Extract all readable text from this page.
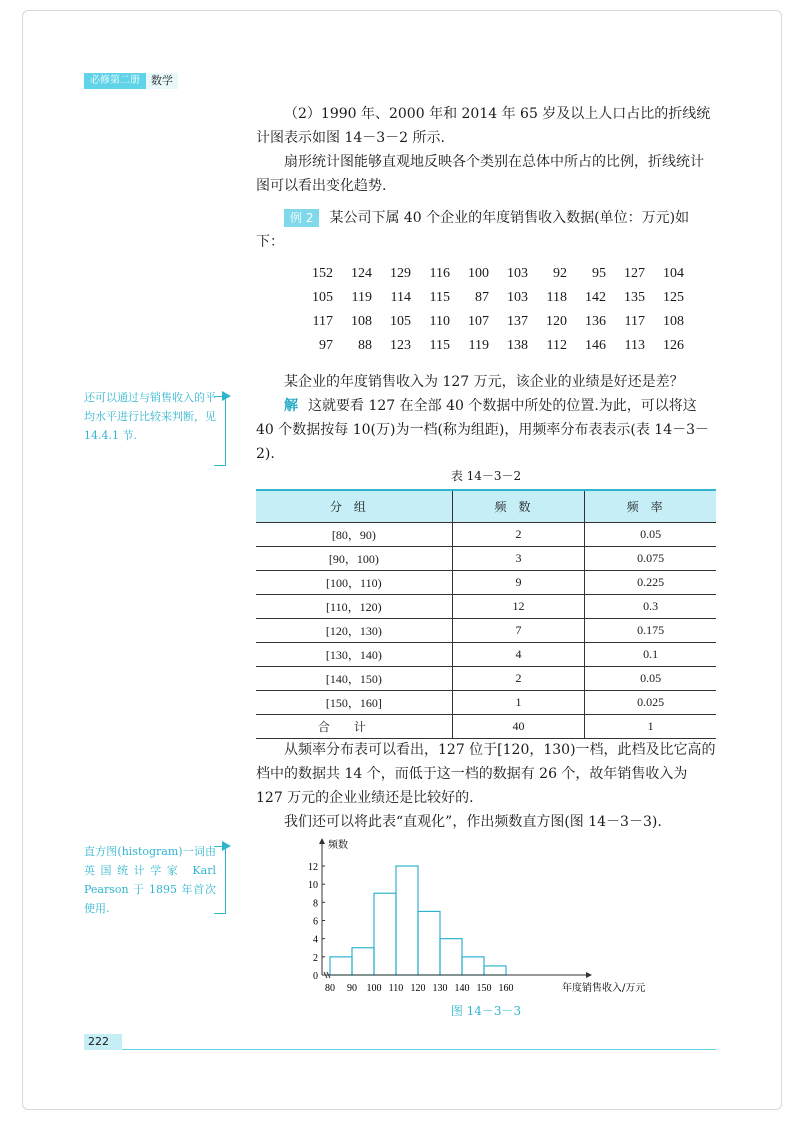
必修第二册	数学

（2）1990 年、2000 年和 2014 年 65 岁及以上人口占比的折线统计图表示如图 14－3－2 所示.

扇形统计图能够直观地反映各个类别在总体中所占的比例，折线统计图可以看出变化趋势.

例 2 某公司下属 40 个企业的年度销售收入数据(单位：万元)如下：

152	124	129	116	100	103	92	95	127	104
105	119	114	115	87	103	118	142	135	125
117	108	105	110	107	137	120	136	117	108
97	88	123	115	119	138	112	146	113	126

某企业的年度销售收入为 127 万元，该企业的业绩是好还是差？

解 这就要看 127 在全部 40 个数据中所处的位置.为此，可以将这 40 个数据按每 10(万)为一档(称为组距)，用频率分布表表示(表 14－3－2).

还可以通过与销售收入的平均水平进行比较来判断，见 14.4.1 节.
表 14－3－2
分组	频数	频率
[80，90)	2	0.05
[90，100)	3	0.075
[100，110)	9	0.225
[110，120)	12	0.3
[120，130)	7	0.175
[130，140)	4	0.1
[140，150)	2	0.05
[150，160]	1	0.025
合计	40	1

从频率分布表可以看出，127 位于[120，130)一档，此档及比它高的档中的数据共 14 个，而低于这一档的数据有 26 个，故年销售收入为 127 万元的企业业绩还是比较好的.

我们还可以将此表“直观化”，作出频数直方图(图 14－3－3).

直方图(histogram)一词由英国统计学家 Karl Pearson 于 1895 年首次使用.
0
2
4
6
8
10
12
80 90 100 110 120 130 140 150 160
频数
年度销售收入/万元
图 14－3－3
222
